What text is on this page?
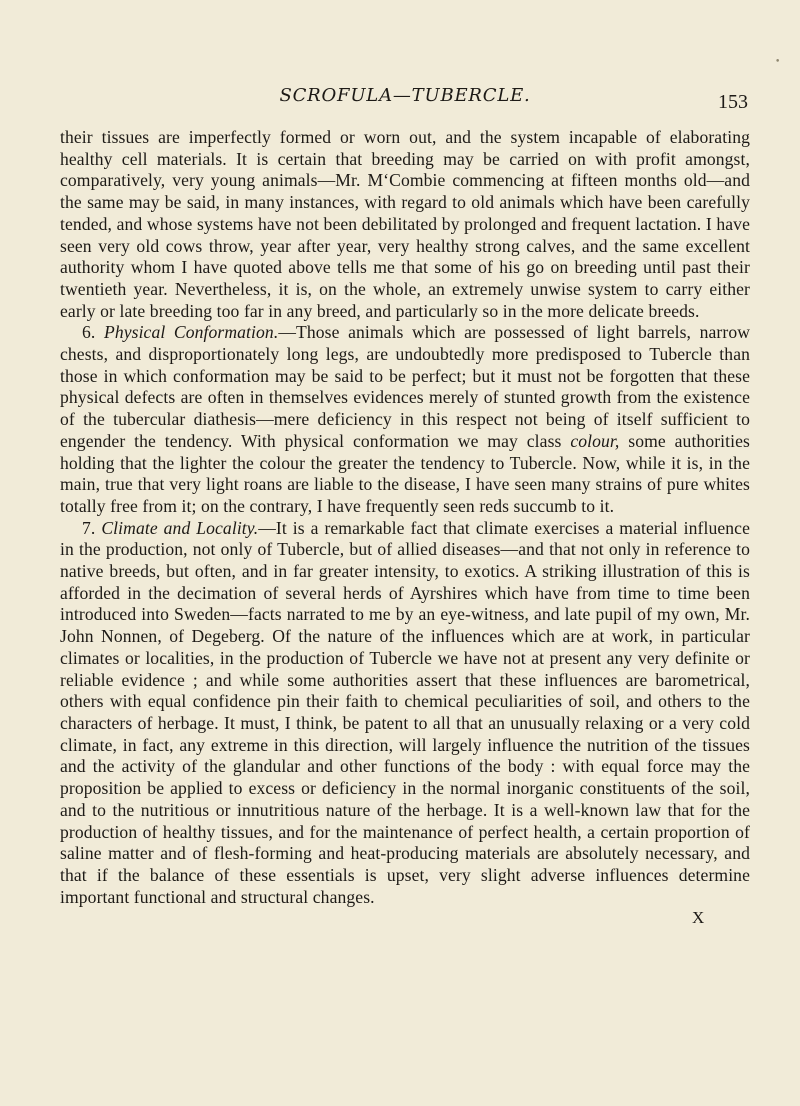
•
SCROFULA—TUBERCLE.	153

their tissues are imperfectly formed or worn out, and the system incapable of elaborating healthy cell materials. It is certain that breeding may be carried on with profit amongst, comparatively, very young animals—Mr. M‘Combie commencing at fifteen months old—and the same may be said, in many instances, with regard to old animals which have been carefully tended, and whose systems have not been debilitated by prolonged and frequent lactation. I have seen very old cows throw, year after year, very healthy strong calves, and the same excellent authority whom I have quoted above tells me that some of his go on breeding until past their twentieth year. Nevertheless, it is, on the whole, an extremely unwise system to carry either early or late breeding too far in any breed, and particularly so in the more delicate breeds.

6. Physical Conformation.—Those animals which are possessed of light barrels, narrow chests, and disproportionately long legs, are undoubtedly more predisposed to Tubercle than those in which conformation may be said to be perfect; but it must not be forgotten that these physical defects are often in themselves evidences merely of stunted growth from the existence of the tubercular diathesis—mere deficiency in this respect not being of itself sufficient to engender the tendency. With physical conformation we may class colour, some authorities holding that the lighter the colour the greater the tendency to Tubercle. Now, while it is, in the main, true that very light roans are liable to the disease, I have seen many strains of pure whites totally free from it; on the contrary, I have frequently seen reds succumb to it.

7. Climate and Locality.—It is a remarkable fact that climate exercises a material influence in the production, not only of Tubercle, but of allied diseases—and that not only in reference to native breeds, but often, and in far greater intensity, to exotics. A striking illustration of this is afforded in the decimation of several herds of Ayrshires which have from time to time been introduced into Sweden—facts narrated to me by an eye-witness, and late pupil of my own, Mr. John Nonnen, of Degeberg. Of the nature of the influences which are at work, in particular climates or localities, in the production of Tubercle we have not at present any very definite or reliable evidence ; and while some authorities assert that these influences are barometrical, others with equal confidence pin their faith to chemical peculiarities of soil, and others to the characters of herbage. It must, I think, be patent to all that an unusually relaxing or a very cold climate, in fact, any extreme in this direction, will largely influence the nutrition of the tissues and the activity of the glandular and other functions of the body : with equal force may the proposition be applied to excess or deficiency in the normal inorganic constituents of the soil, and to the nutritious or innutritious nature of the herbage. It is a well-known law that for the production of healthy tissues, and for the maintenance of perfect health, a certain proportion of saline matter and of flesh-forming and heat-producing materials are absolutely necessary, and that if the balance of these essentials is upset, very slight adverse influences determine important functional and structural changes.

X
